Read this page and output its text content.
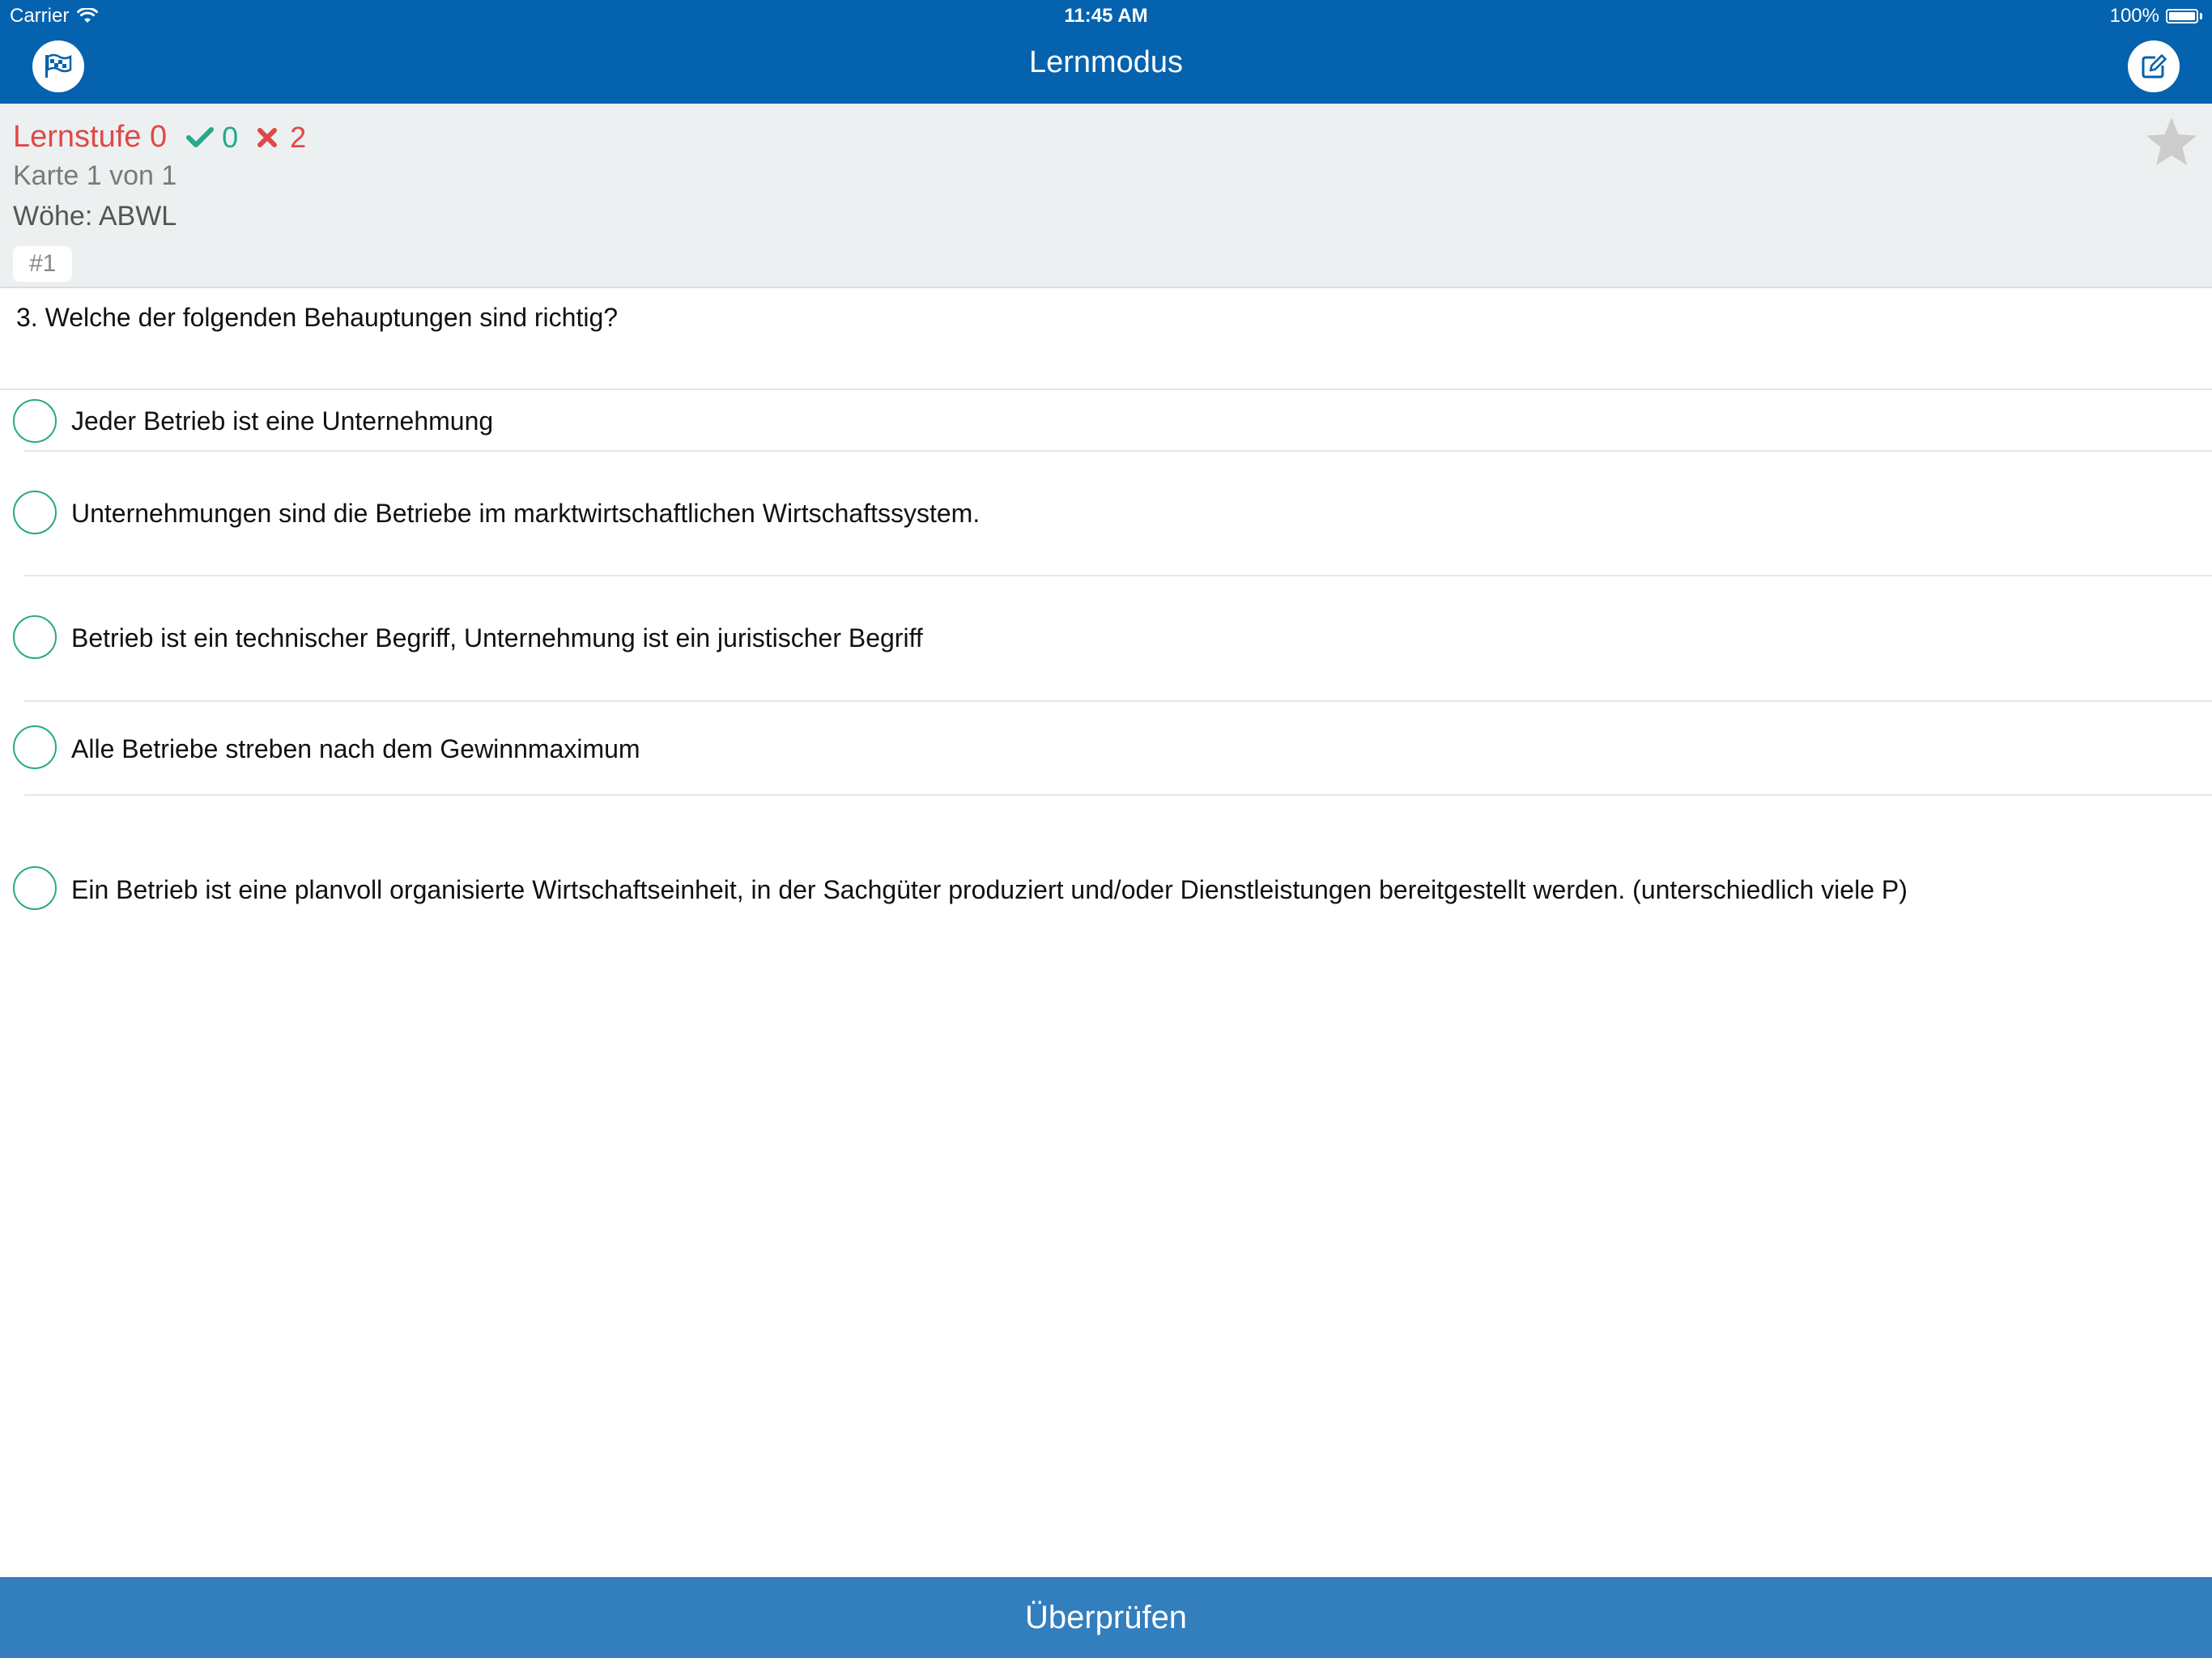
Carrier	11:45 AM	100%
Lernmodus
Lernstufe 0 0 2
Karte 1 von 1
Wöhe: ABWL
#1
3. Welche der folgenden Behauptungen sind richtig?
Jeder Betrieb ist eine Unternehmung
Unternehmungen sind die Betriebe im marktwirtschaftlichen Wirtschaftssystem.
Betrieb ist ein technischer Begriff, Unternehmung ist ein juristischer Begriff
Alle Betriebe streben nach dem Gewinnmaximum
Ein Betrieb ist eine planvoll organisierte Wirtschaftseinheit, in der Sachgüter produziert und/oder Dienstleistungen bereitgestellt werden. (unterschiedlich viele P)
Überprüfen
